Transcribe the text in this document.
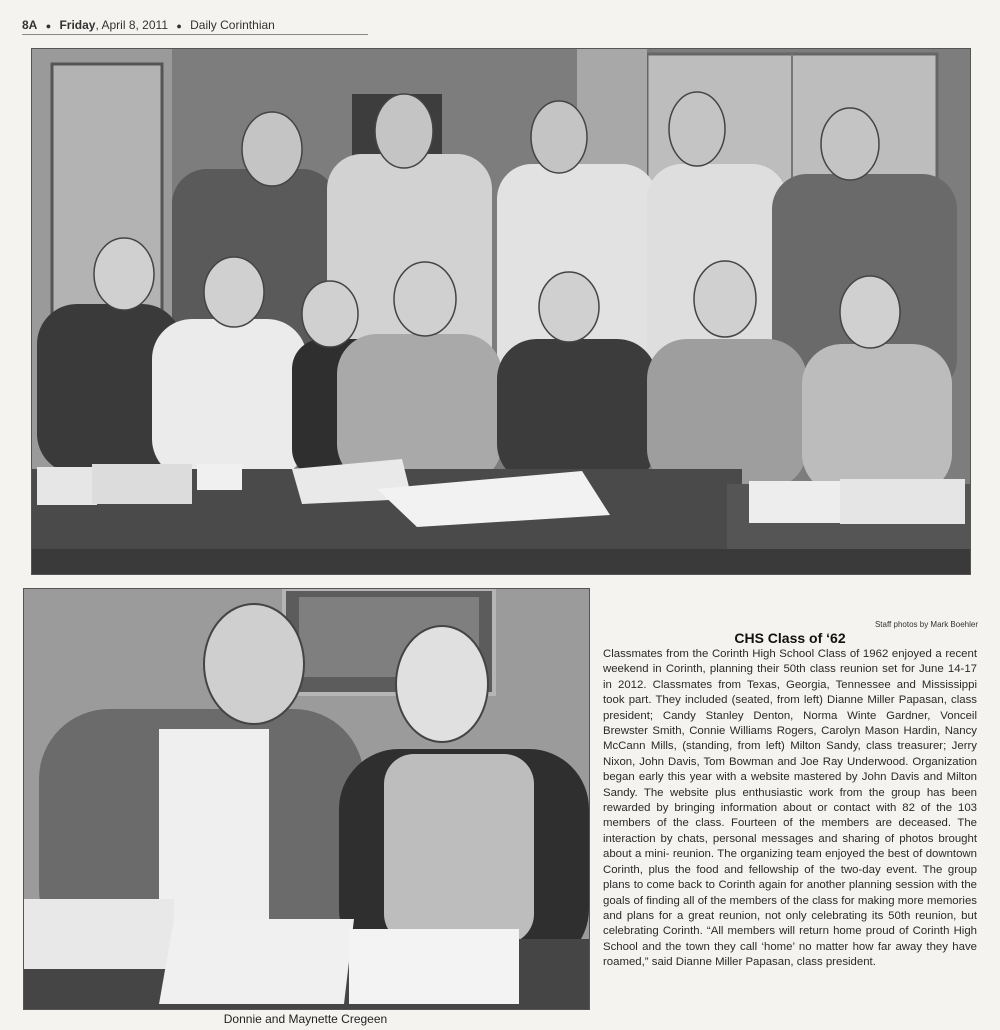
8A ● Friday, April 8, 2011 ● Daily Corinthian
Staff photos by Mark Boehler
CHS Class of ‘62
Classmates from the Corinth High School Class of 1962 enjoyed a recent weekend in Corinth, planning their 50th class reunion set for June 14-17 in 2012. Classmates from Texas, Georgia, Tennessee and Mississippi took part. They included (seated, from left) Dianne Miller Papasan, class president; Candy Stanley Denton, Norma Winte Gardner, Vonceil Brewster Smith, Connie Williams Rogers, Carolyn Mason Hardin, Nancy McCann Mills, (standing, from left) Milton Sandy, class treasurer; Jerry Nixon, John Davis, Tom Bowman and Joe Ray Underwood. Organization began early this year with a website mastered by John Davis and Milton Sandy. The website plus enthusiastic work from the group has been rewarded by bringing information about or contact with 82 of the 103 members of the class. Fourteen of the members are deceased. The interaction by chats, personal messages and sharing of photos brought about a mini- reunion. The organizing team enjoyed the best of downtown Corinth, plus the food and fellowship of the two-day event. The group plans to come back to Corinth again for another planning session with the goals of finding all of the members of the class for making more memories and plans for a great reunion, not only celebrating its 50th reunion, but celebrating Corinth. “All members will return home proud of Corinth High School and the town they call ‘home’ no matter how far away they have roamed,” said Dianne Miller Papasan, class president.
Donnie and Maynette Cregeen
